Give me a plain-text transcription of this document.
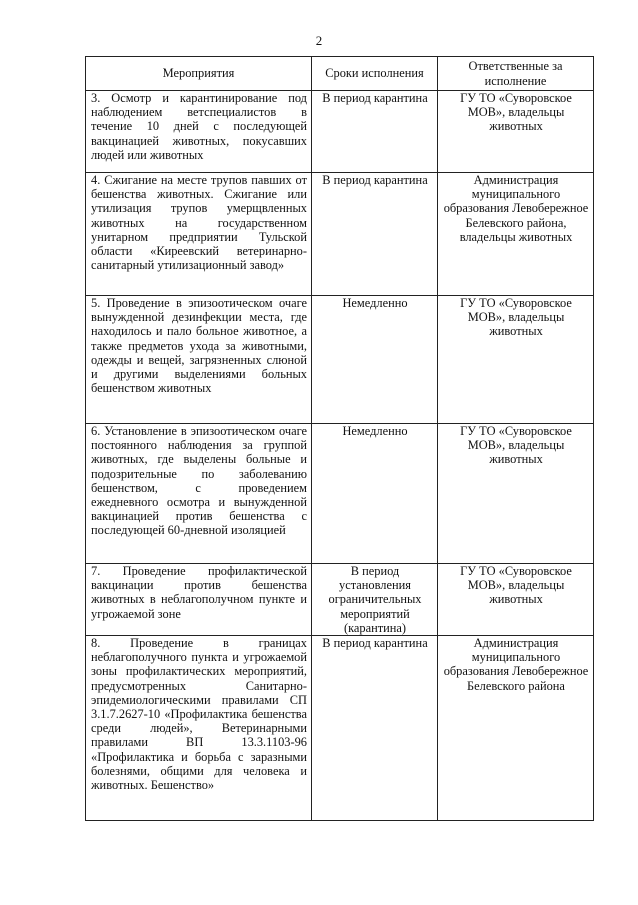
2
Мероприятия	Сроки исполнения	Ответственные за исполнение
3. Осмотр и карантинирование под наблюдением ветспециалистов в течение 10 дней с последующей вакцинацией животных, покусавших людей или животных	В период карантина	ГУ ТО «Суворовское МОВ», владельцы животных
4. Сжигание на месте трупов павших от бешенства животных. Сжигание или утилизация трупов умерщвленных животных на государственном унитарном предприятии Тульской области «Киреевский ветеринарно-санитарный утилизационный завод»	В период карантина	Администрация муниципального образования Левобережное Белевского района, владельцы животных
5. Проведение в эпизоотическом очаге вынужденной дезинфекции места, где находилось и пало больное животное, а также предметов ухода за животными, одежды и вещей, загрязненных слюной и другими выделениями больных бешенством животных	Немедленно	ГУ ТО «Суворовское МОВ», владельцы животных
6. Установление в эпизоотическом очаге постоянного наблюдения за группой животных, где выделены больные и подозрительные по заболеванию бешенством, с проведением ежедневного осмотра и вынужденной вакцинацией против бешенства с последующей 60-дневной изоляцией	Немедленно	ГУ ТО «Суворовское МОВ», владельцы животных
7. Проведение профилактической вакцинации против бешенства животных в неблагополучном пункте и угрожаемой зоне	В период установления ограничительных мероприятий (карантина)	ГУ ТО «Суворовское МОВ», владельцы животных
8. Проведение в границах неблагополучного пункта и угрожаемой зоны профилактических мероприятий, предусмотренных Санитарно-эпидемиологическими правилами СП 3.1.7.2627-10 «Профилактика бешенства среди людей», Ветеринарными правилами ВП 13.3.1103-96 «Профилактика и борьба с заразными болезнями, общими для человека и животных. Бешенство»	В период карантина	Администрация муниципального образования Левобережное Белевского района
